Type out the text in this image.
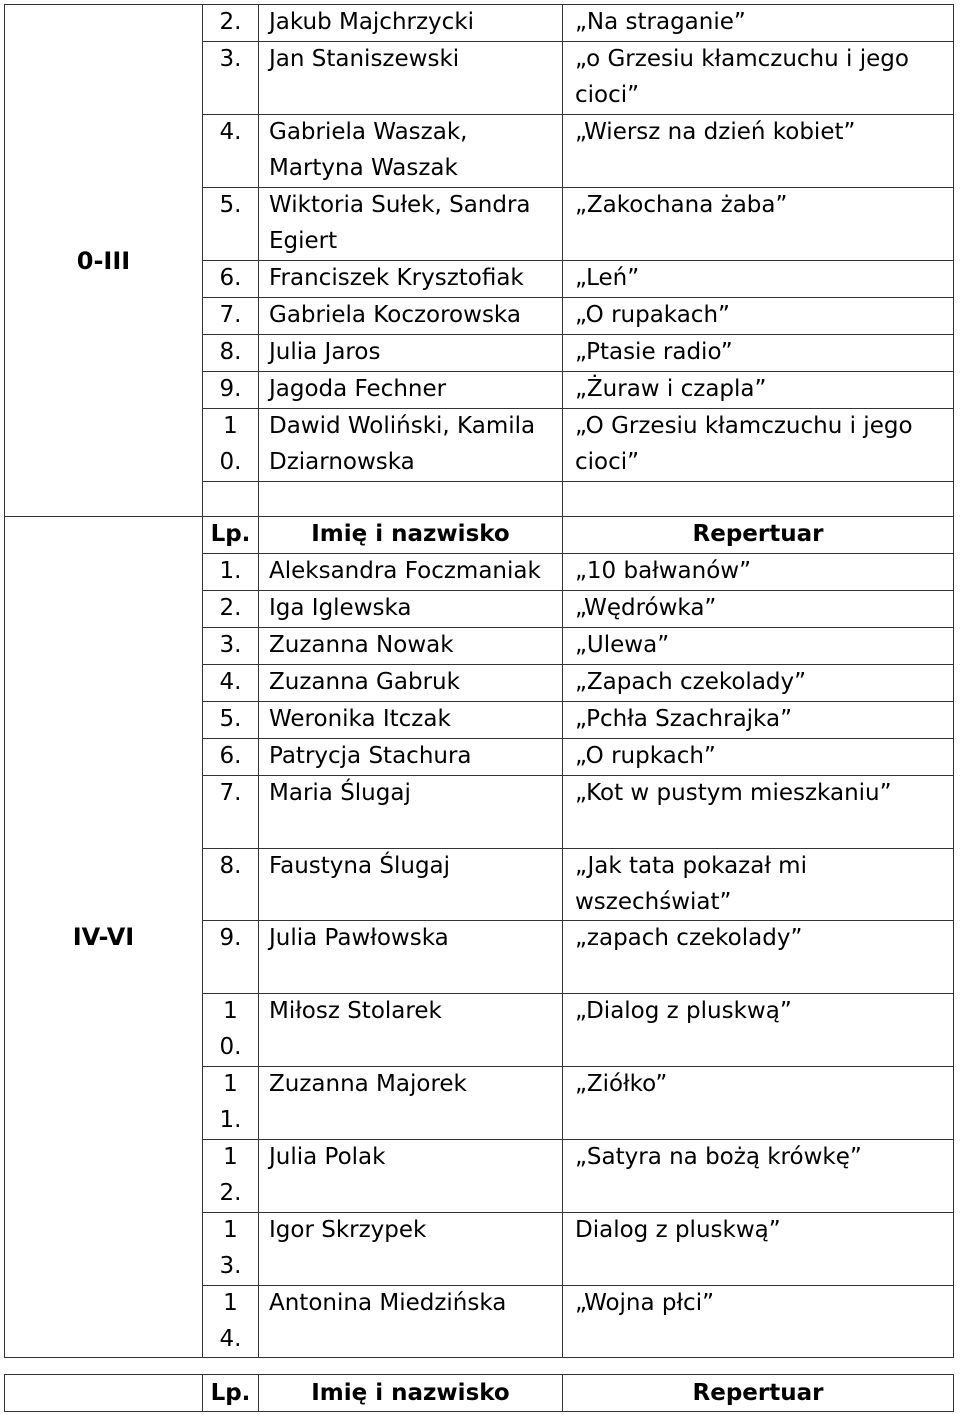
0-III	2.	Jakub Majchrzycki	„Na straganie”
	3.	Jan Staniszewski	„o Grzesiu kłamczuchu i jego cioci”
	4.	Gabriela Waszak, Martyna Waszak	„Wiersz na dzień kobiet”
	5.	Wiktoria Sułek, Sandra Egiert	„Zakochana żaba”
	6.	Franciszek Krysztofiak	„Leń”
	7.	Gabriela Koczorowska	„O rupakach”
	8.	Julia Jaros	„Ptasie radio”
	9.	Jagoda Fechner	„Żuraw i czapla”
	10.	Dawid Woliński, Kamila Dziarnowska	„O Grzesiu kłamczuchu i jego cioci”

IV-VI	Lp.	Imię i nazwisko	Repertuar
	1.	Aleksandra Foczmaniak	„10 bałwanów”
	2.	Iga Iglewska	„Wędrówka”
	3.	Zuzanna Nowak	„Ulewa”
	4.	Zuzanna Gabruk	„Zapach czekolady”
	5.	Weronika Itczak	„Pchła Szachrajka”
	6.	Patrycja Stachura	„O rupkach”
	7.	Maria Ślugaj	„Kot w pustym mieszkaniu”
	8.	Faustyna Ślugaj	„Jak tata pokazał mi wszechświat”
	9.	Julia Pawłowska	„zapach czekolady”
	10.	Miłosz Stolarek	„Dialog z pluskwą”
	11.	Zuzanna Majorek	„Ziółko”
	12.	Julia Polak	„Satyra na bożą krówkę”
	13.	Igor Skrzypek	Dialog z pluskwą”
	14.	Antonina Miedzińska	„Wojna płci”
	Lp.	Imię i nazwisko	Repertuar
